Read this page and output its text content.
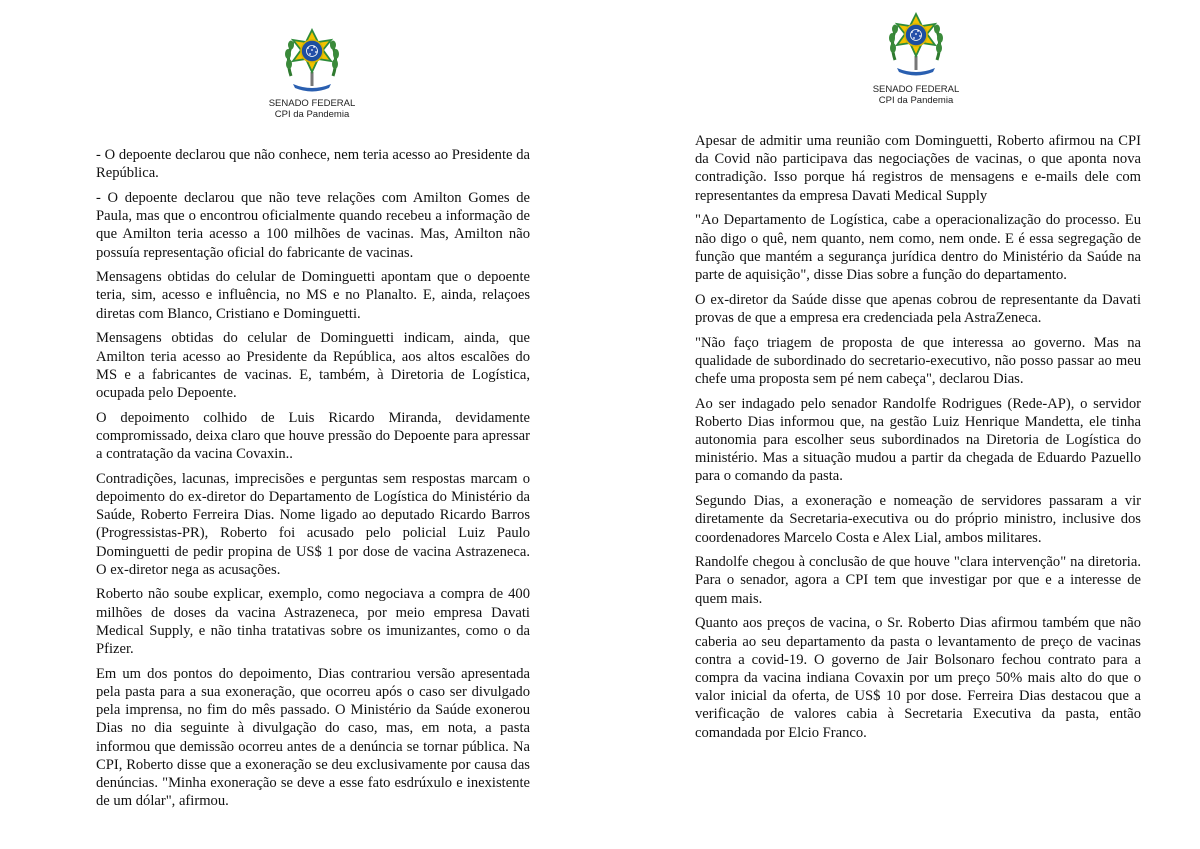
SENADO FEDERAL
CPI da Pandemia

- O depoente declarou que não conhece, nem teria acesso ao Presidente da República.

- O depoente declarou que não teve relações com Amilton Gomes de Paula, mas que o encontrou oficialmente quando recebeu a informação de que Amilton teria acesso a 100 milhões de vacinas. Mas, Amilton não possuía representação oficial do fabricante de vacinas.

Mensagens obtidas do celular de Dominguetti apontam que o depoente teria, sim, acesso e influência, no MS e no Planalto. E, ainda, relaçoes diretas com Blanco, Cristiano e Dominguetti.

Mensagens obtidas do celular de Dominguetti indicam, ainda, que Amilton teria acesso ao Presidente da República, aos altos escalões do MS e a fabricantes de vacinas. E, também, à Diretoria de Logística, ocupada pelo Depoente.

O depoimento colhido de Luis Ricardo Miranda, devidamente compromissado, deixa claro que houve pressão do Depoente para apressar a contratação da vacina Covaxin..

Contradições, lacunas, imprecisões e perguntas sem respostas marcam o depoimento do ex-diretor do Departamento de Logística do Ministério da Saúde, Roberto Ferreira Dias. Nome ligado ao deputado Ricardo Barros (Progressistas-PR), Roberto foi acusado pelo policial Luiz Paulo Dominguetti de pedir propina de US$ 1 por dose de vacina Astrazeneca. O ex-diretor nega as acusações.

Roberto não soube explicar, exemplo, como negociava a compra de 400 milhões de doses da vacina Astrazeneca, por meio empresa Davati Medical Supply, e não tinha tratativas sobre os imunizantes, como o da Pfizer.

Em um dos pontos do depoimento, Dias contrariou versão apresentada pela pasta para a sua exoneração, que ocorreu após o caso ser divulgado pela imprensa, no fim do mês passado. O Ministério da Saúde exonerou Dias no dia seguinte à divulgação do caso, mas, em nota, a pasta informou que demissão ocorreu antes de a denúncia se tornar pública. Na CPI, Roberto disse que a exoneração se deu exclusivamente por causa das denúncias. "Minha exoneração se deve a esse fato esdrúxulo e inexistente de um dólar", afirmou.

SENADO FEDERAL
CPI da Pandemia

Apesar de admitir uma reunião com Dominguetti, Roberto afirmou na CPI da Covid não participava das negociações de vacinas, o que aponta nova contradição. Isso porque há registros de mensagens e e-mails dele com representantes da empresa Davati Medical Supply

"Ao Departamento de Logística, cabe a operacionalização do processo. Eu não digo o quê, nem quanto, nem como, nem onde. E é essa segregação de função que mantém a segurança jurídica dentro do Ministério da Saúde na parte de aquisição", disse Dias sobre a função do departamento.

O ex-diretor da Saúde disse que apenas cobrou de representante da Davati provas de que a empresa era credenciada pela AstraZeneca.

"Não faço triagem de proposta de que interessa ao governo. Mas na qualidade de subordinado do secretario-executivo, não posso passar ao meu chefe uma proposta sem pé nem cabeça", declarou Dias.

Ao ser indagado pelo senador Randolfe Rodrigues (Rede-AP), o servidor Roberto Dias informou que, na gestão Luiz Henrique Mandetta, ele tinha autonomia para escolher seus subordinados na Diretoria de Logística do ministério. Mas a situação mudou a partir da chegada de Eduardo Pazuello para o comando da pasta.

Segundo Dias, a exoneração e nomeação de servidores passaram a vir diretamente da Secretaria-executiva ou do próprio ministro, inclusive dos coordenadores Marcelo Costa e Alex Lial, ambos militares.

Randolfe chegou à conclusão de que houve "clara intervenção" na diretoria. Para o senador, agora a CPI tem que investigar por que e a interesse de quem mais.

Quanto aos preços de vacina, o Sr. Roberto Dias afirmou também que não caberia ao seu departamento da pasta o levantamento de preço de vacinas contra a covid-19. O governo de Jair Bolsonaro fechou contrato para a compra da vacina indiana Covaxin por um preço 50% mais alto do que o valor inicial da oferta, de US$ 10 por dose. Ferreira Dias destacou que a verificação de valores cabia à Secretaria Executiva da pasta, então comandada por Elcio Franco.
